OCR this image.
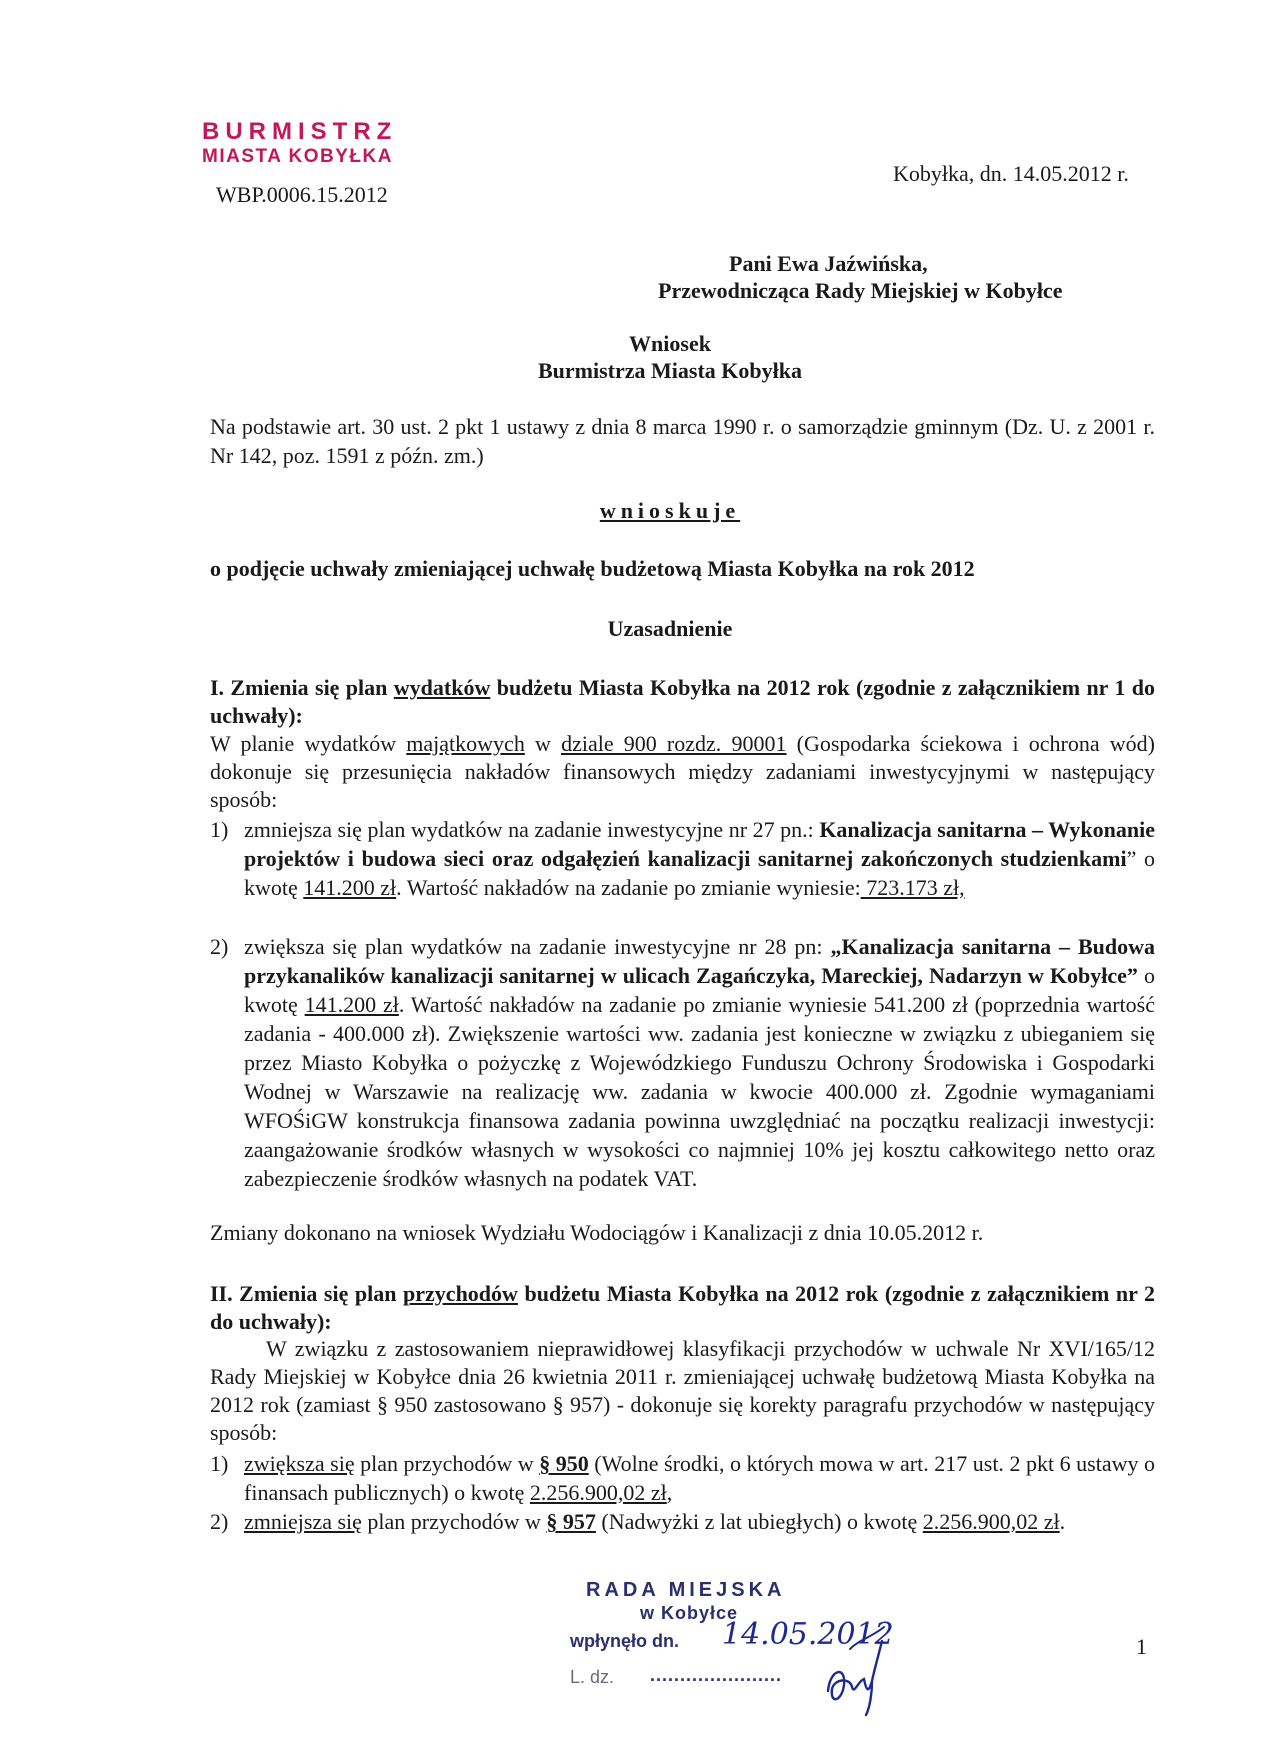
BURMISTRZ
MIASTA KOBYŁKA
WBP.0006.15.2012
Kobyłka, dn. 14.05.2012 r.
Pani Ewa Jaźwińska,
Przewodnicząca Rady Miejskiej w Kobyłce
Wniosek
Burmistrza Miasta Kobyłka
Na podstawie art. 30 ust. 2 pkt 1 ustawy z dnia 8 marca 1990 r. o samorządzie gminnym (Dz. U. z 2001 r. Nr 142, poz. 1591 z późn. zm.)
wnioskuje
o podjęcie uchwały zmieniającej uchwałę budżetową Miasta Kobyłka na rok 2012
Uzasadnienie
I. Zmienia się plan wydatków budżetu Miasta Kobyłka na 2012 rok (zgodnie z załącznikiem nr 1 do uchwały):
W planie wydatków majątkowych w dziale 900 rozdz. 90001 (Gospodarka ściekowa i ochrona wód) dokonuje się przesunięcia nakładów finansowych między zadaniami inwestycyjnymi w następujący sposób:
1) zmniejsza się plan wydatków na zadanie inwestycyjne nr 27 pn.: Kanalizacja sanitarna – Wykonanie projektów i budowa sieci oraz odgałęzień kanalizacji sanitarnej zakończonych studzienkami” o kwotę 141.200 zł. Wartość nakładów na zadanie po zmianie wyniesie: 723.173 zł,
2) zwiększa się plan wydatków na zadanie inwestycyjne nr 28 pn: „Kanalizacja sanitarna – Budowa przykanalików kanalizacji sanitarnej w ulicach Zagańczyka, Mareckiej, Nadarzyn w Kobyłce” o kwotę 141.200 zł. Wartość nakładów na zadanie po zmianie wyniesie 541.200 zł (poprzednia wartość zadania - 400.000 zł). Zwiększenie wartości ww. zadania jest konieczne w związku z ubieganiem się przez Miasto Kobyłka o pożyczkę z Wojewódzkiego Funduszu Ochrony Środowiska i Gospodarki Wodnej w Warszawie na realizację ww. zadania w kwocie 400.000 zł. Zgodnie wymaganiami WFOŚiGW konstrukcja finansowa zadania powinna uwzględniać na początku realizacji inwestycji: zaangażowanie środków własnych w wysokości co najmniej 10% jej kosztu całkowitego netto oraz zabezpieczenie środków własnych na podatek VAT.
Zmiany dokonano na wniosek Wydziału Wodociągów i Kanalizacji z dnia 10.05.2012 r.
II. Zmienia się plan przychodów budżetu Miasta Kobyłka na 2012 rok (zgodnie z załącznikiem nr 2 do uchwały):
W związku z zastosowaniem nieprawidłowej klasyfikacji przychodów w uchwale Nr XVI/165/12 Rady Miejskiej w Kobyłce dnia 26 kwietnia 2011 r. zmieniającej uchwałę budżetową Miasta Kobyłka na 2012 rok (zamiast § 950 zastosowano § 957) - dokonuje się korekty paragrafu przychodów w następujący sposób:
1) zwiększa się plan przychodów w § 950 (Wolne środki, o których mowa w art. 217 ust. 2 pkt 6 ustawy o finansach publicznych) o kwotę 2.256.900,02 zł,
2) zmniejsza się plan przychodów w § 957 (Nadwyżki z lat ubiegłych) o kwotę 2.256.900,02 zł.
RADA MIEJSKA
w Kobyłce
wpłynęło dn. 14.05.2012
L. dz. ......................
1
